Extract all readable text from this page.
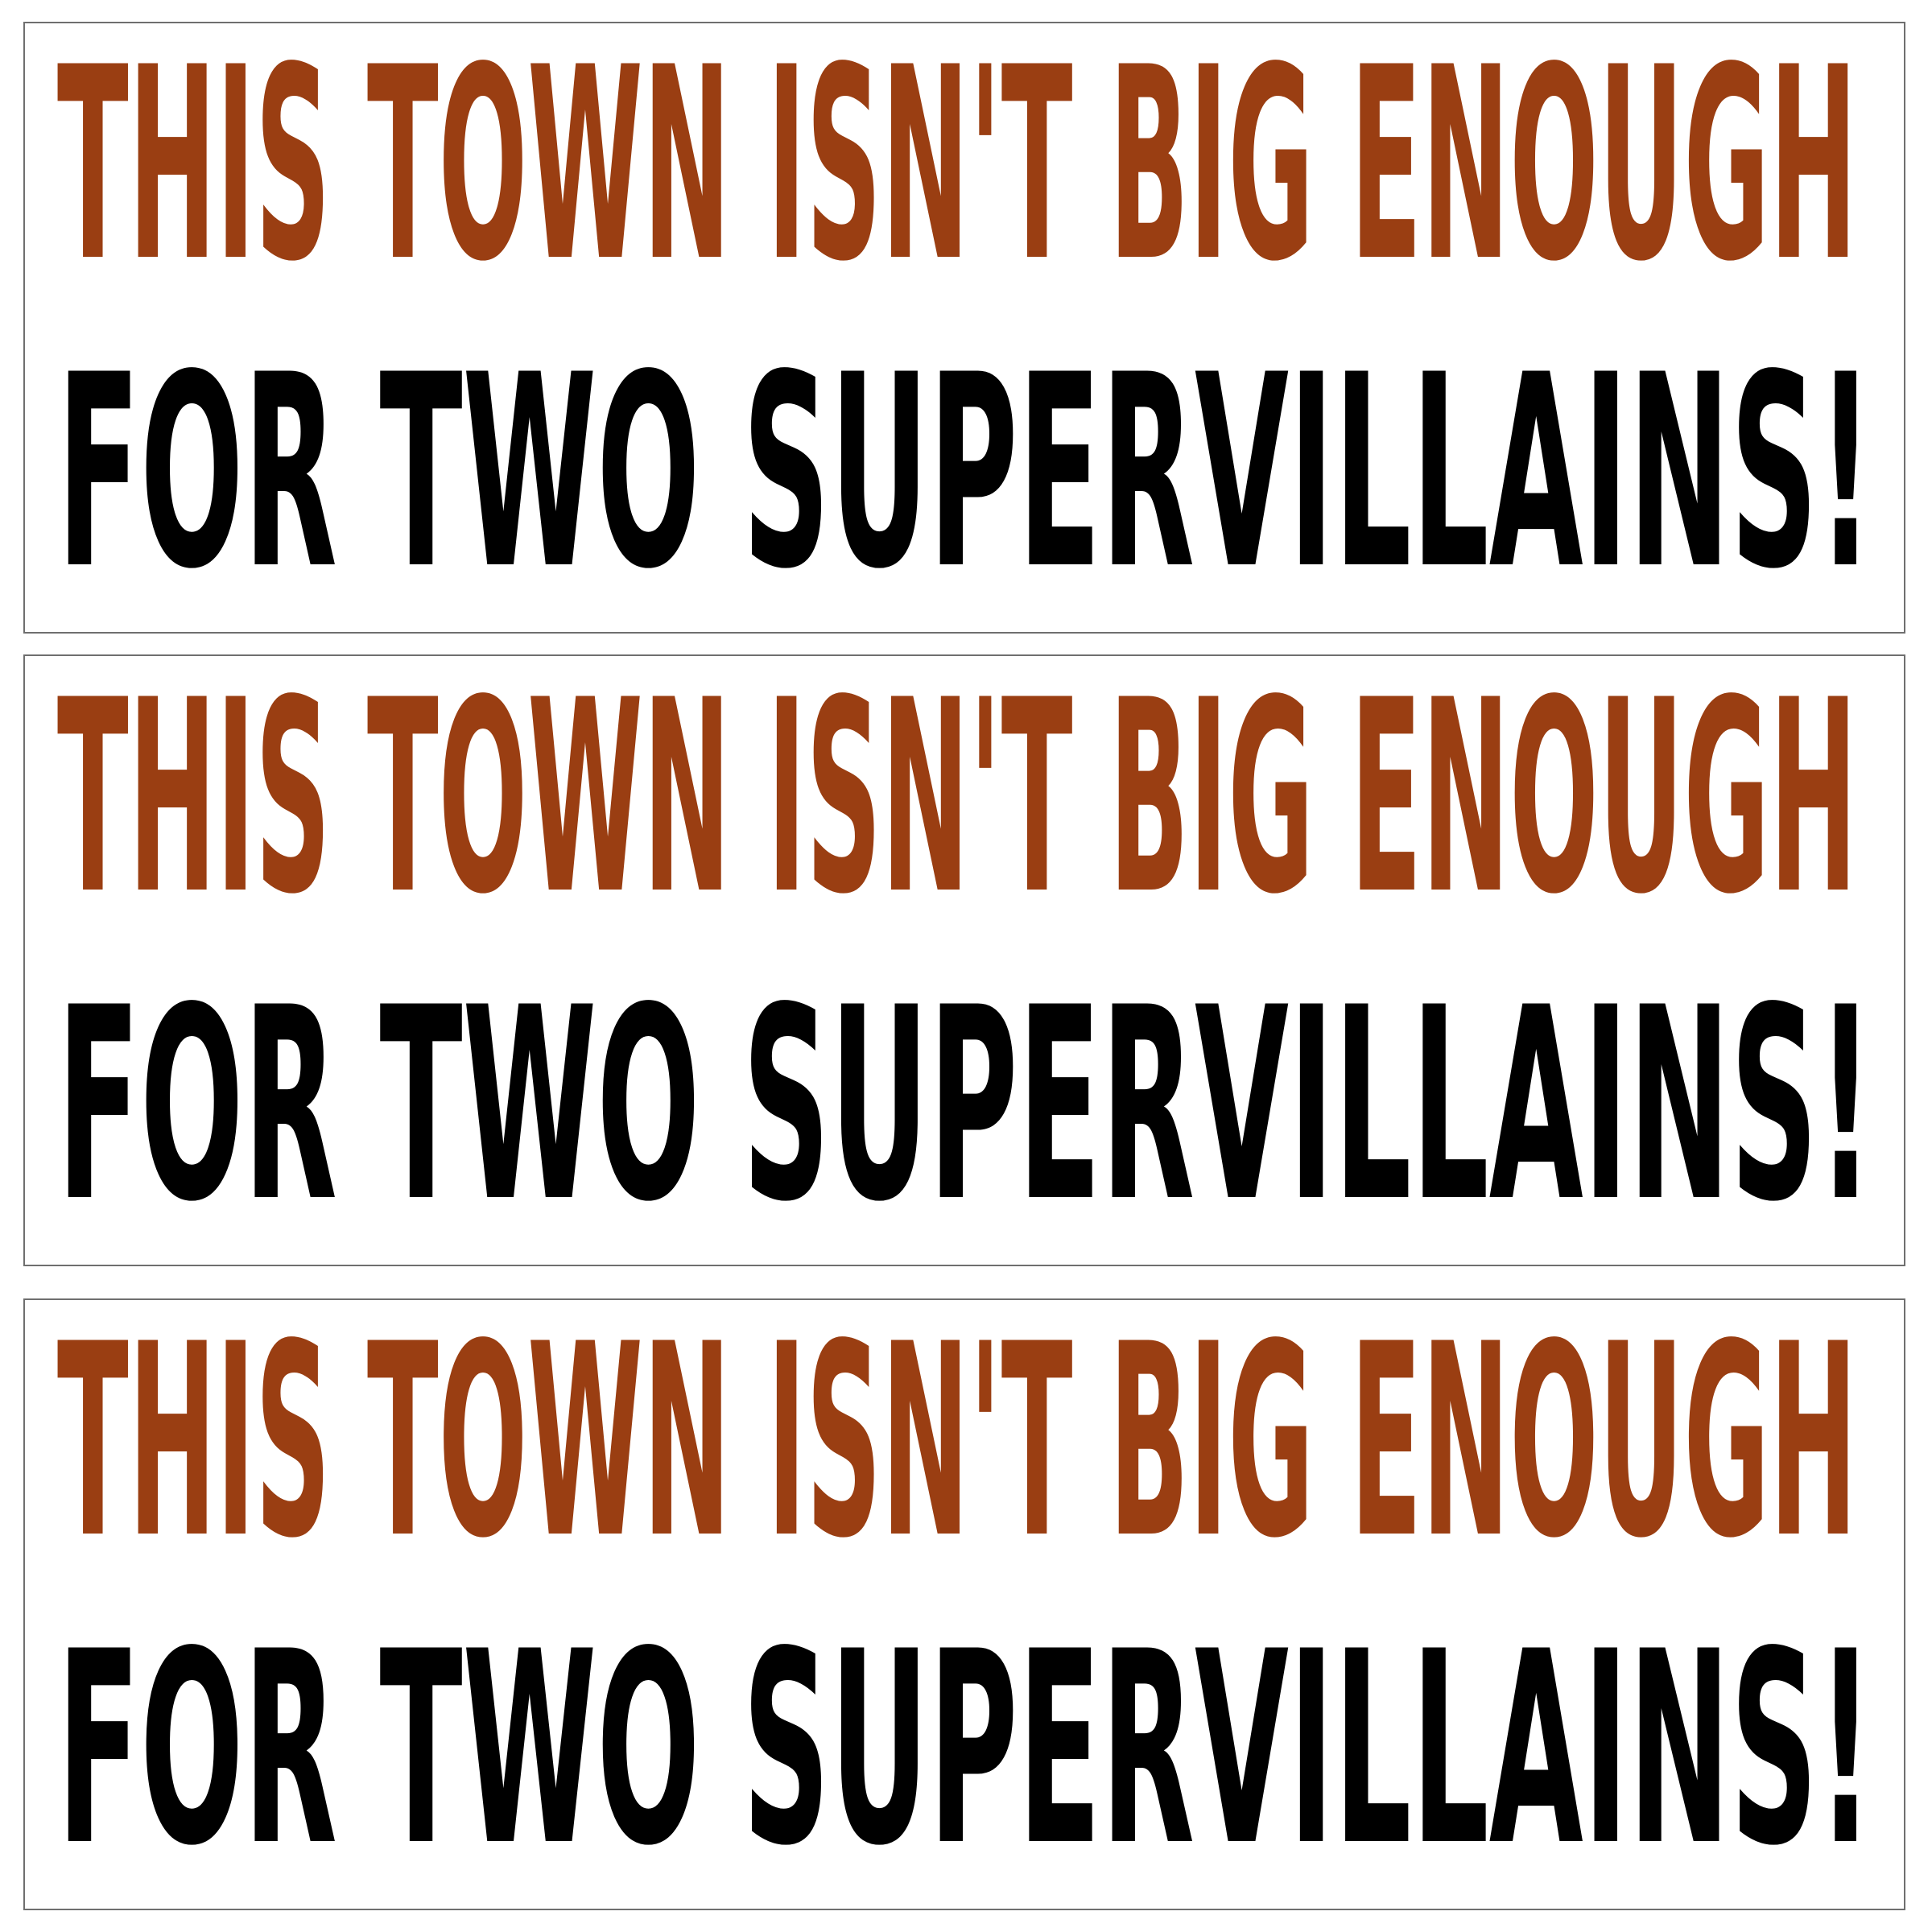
THIS TOWN ISN'T BIG ENOUGH
FOR TWO SUPERVILLAINS!
THIS TOWN ISN'T BIG ENOUGH
FOR TWO SUPERVILLAINS!
THIS TOWN ISN'T BIG ENOUGH
FOR TWO SUPERVILLAINS!
